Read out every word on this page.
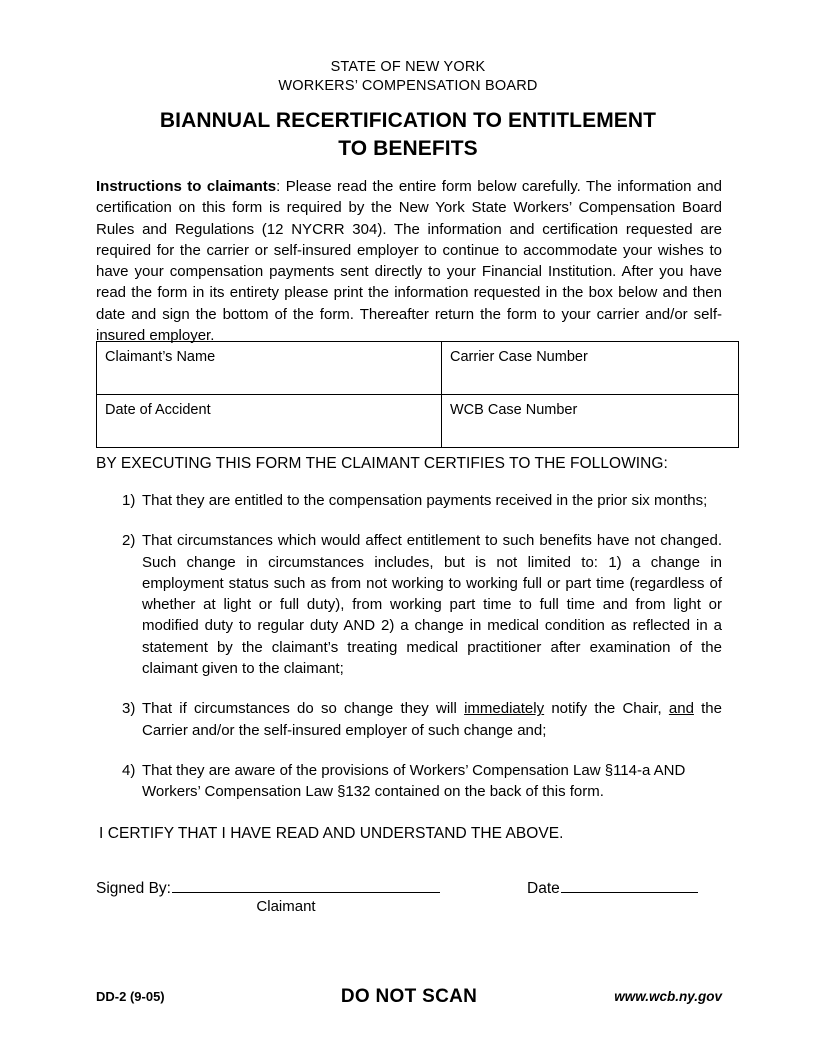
STATE OF NEW YORK
WORKERS’ COMPENSATION BOARD
BIANNUAL RECERTIFICATION TO ENTITLEMENT
TO BENEFITS
Instructions to claimants: Please read the entire form below carefully. The information and certification on this form is required by the New York State Workers’ Compensation Board Rules and Regulations (12 NYCRR 304). The information and certification requested are required for the carrier or self-insured employer to continue to accommodate your wishes to have your compensation payments sent directly to your Financial Institution. After you have read the form in its entirety please print the information requested in the box below and then date and sign the bottom of the form. Thereafter return the form to your carrier and/or self-insured employer.
Claimant’s Name	Carrier Case Number
Date of Accident	WCB Case Number
BY EXECUTING THIS FORM THE CLAIMANT CERTIFIES TO THE FOLLOWING:
1) That they are entitled to the compensation payments received in the prior six months;
2) That circumstances which would affect entitlement to such benefits have not changed. Such change in circumstances includes, but is not limited to: 1) a change in employment status such as from not working to working full or part time (regardless of whether at light or full duty), from working part time to full time and from light or modified duty to regular duty AND 2) a change in medical condition as reflected in a statement by the claimant’s treating medical practitioner after examination of the claimant given to the claimant;
3) That if circumstances do so change they will immediately notify the Chair, and the Carrier and/or the self-insured employer of such change and;
4) That they are aware of the provisions of Workers’ Compensation Law §114-a AND Workers’ Compensation Law §132 contained on the back of this form.
I CERTIFY THAT I HAVE READ AND UNDERSTAND THE ABOVE.
Signed By:	Date
Claimant
DO NOT SCAN
DD-2 (9-05)	www.wcb.ny.gov
